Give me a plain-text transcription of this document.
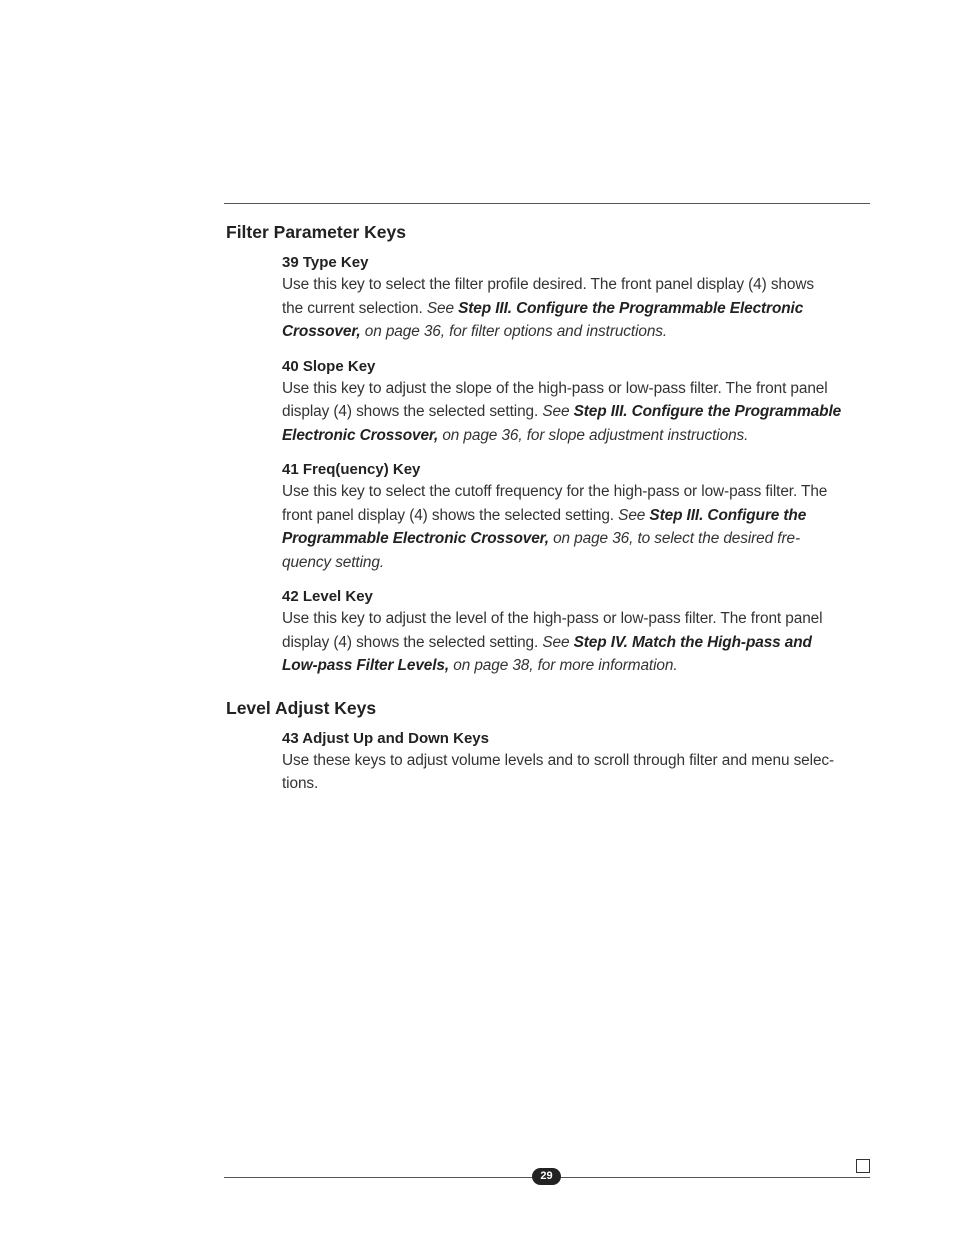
Filter Parameter Keys
39 Type Key

Use this key to select the filter profile desired. The front panel display (4) shows
the current selection. See Step III. Configure the Programmable Electronic
Crossover, on page 36, for filter options and instructions.

40 Slope Key

Use this key to adjust the slope of the high-pass or low-pass filter. The front panel
display (4) shows the selected setting. See Step III. Configure the Programmable
Electronic Crossover, on page 36, for slope adjustment instructions.

41 Freq(uency) Key

Use this key to select the cutoff frequency for the high-pass or low-pass filter. The
front panel display (4) shows the selected setting. See Step III. Configure the
Programmable Electronic Crossover, on page 36, to select the desired fre-
quency setting.

42 Level Key

Use this key to adjust the level of the high-pass or low-pass filter. The front panel
display (4) shows the selected setting. See Step IV. Match the High-pass and
Low-pass Filter Levels, on page 38, for more information.

Level Adjust Keys
43 Adjust Up and Down Keys

Use these keys to adjust volume levels and to scroll through filter and menu selec-
tions.

29
